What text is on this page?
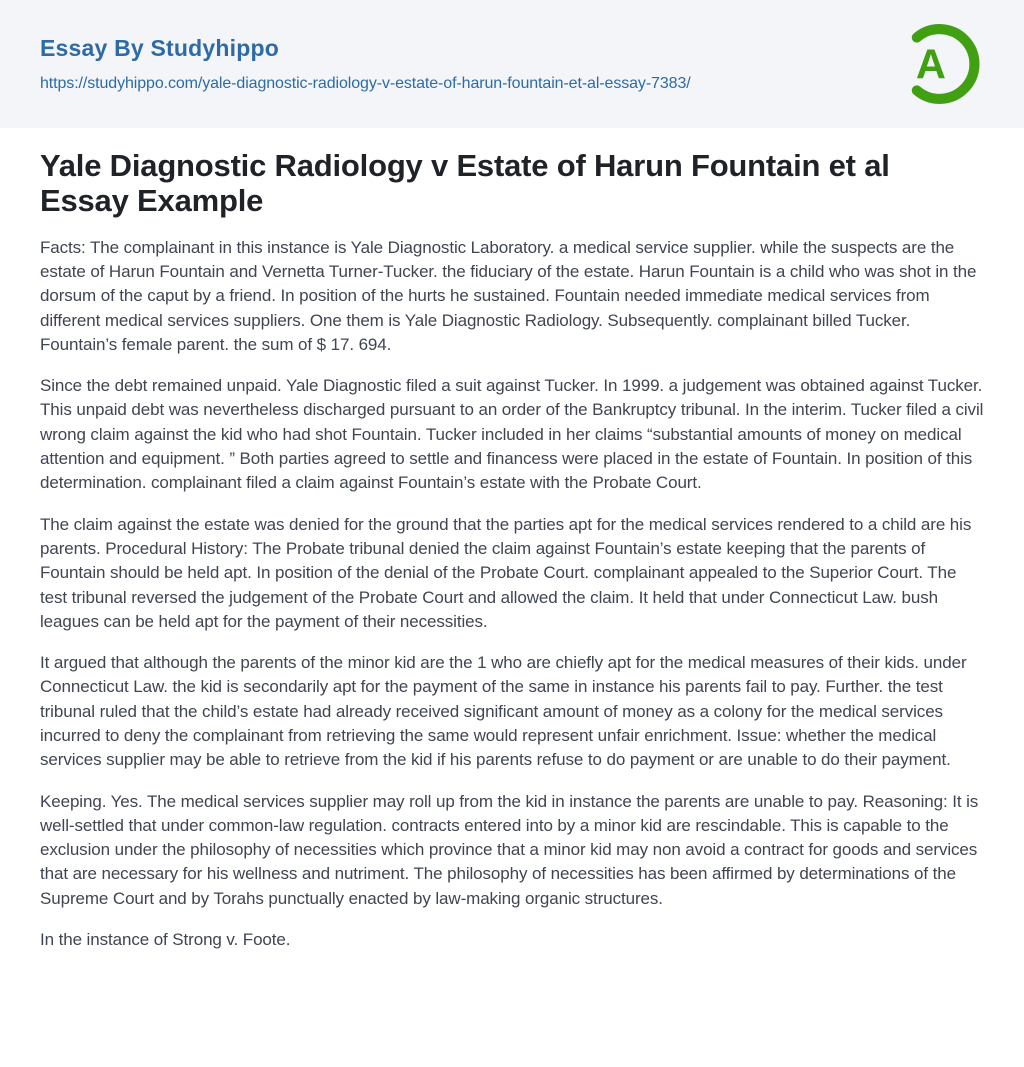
Essay By Studyhippo
https://studyhippo.com/yale-diagnostic-radiology-v-estate-of-harun-fountain-et-al-essay-7383/	A
Yale Diagnostic Radiology v Estate of Harun Fountain et al Essay Example

Facts: The complainant in this instance is Yale Diagnostic Laboratory. a medical service supplier. while the suspects are the estate of Harun Fountain and Vernetta Turner-Tucker. the fiduciary of the estate. Harun Fountain is a child who was shot in the dorsum of the caput by a friend. In position of the hurts he sustained. Fountain needed immediate medical services from different medical services suppliers. One them is Yale Diagnostic Radiology. Subsequently. complainant billed Tucker. Fountain’s female parent. the sum of $ 17. 694.

Since the debt remained unpaid. Yale Diagnostic filed a suit against Tucker. In 1999. a judgement was obtained against Tucker. This unpaid debt was nevertheless discharged pursuant to an order of the Bankruptcy tribunal. In the interim. Tucker filed a civil wrong claim against the kid who had shot Fountain. Tucker included in her claims “substantial amounts of money on medical attention and equipment. ” Both parties agreed to settle and financess were placed in the estate of Fountain. In position of this determination. complainant filed a claim against Fountain’s estate with the Probate Court.

The claim against the estate was denied for the ground that the parties apt for the medical services rendered to a child are his parents. Procedural History: The Probate tribunal denied the claim against Fountain’s estate keeping that the parents of Fountain should be held apt. In position of the denial of the Probate Court. complainant appealed to the Superior Court. The test tribunal reversed the judgement of the Probate Court and allowed the claim. It held that under Connecticut Law. bush leagues can be held apt for the payment of their necessities.

It argued that although the parents of the minor kid are the 1 who are chiefly apt for the medical measures of their kids. under Connecticut Law. the kid is secondarily apt for the payment of the same in instance his parents fail to pay. Further. the test tribunal ruled that the child’s estate had already received significant amount of money as a colony for the medical services incurred to deny the complainant from retrieving the same would represent unfair enrichment. Issue: whether the medical services supplier may be able to retrieve from the kid if his parents refuse to do payment or are unable to do their payment.

Keeping. Yes. The medical services supplier may roll up from the kid in instance the parents are unable to pay. Reasoning: It is well-settled that under common-law regulation. contracts entered into by a minor kid are rescindable. This is capable to the exclusion under the philosophy of necessities which province that a minor kid may non avoid a contract for goods and services that are necessary for his wellness and nutriment. The philosophy of necessities has been affirmed by determinations of the Supreme Court and by Torahs punctually enacted by law-making organic structures.

In the instance of Strong v. Foote.
